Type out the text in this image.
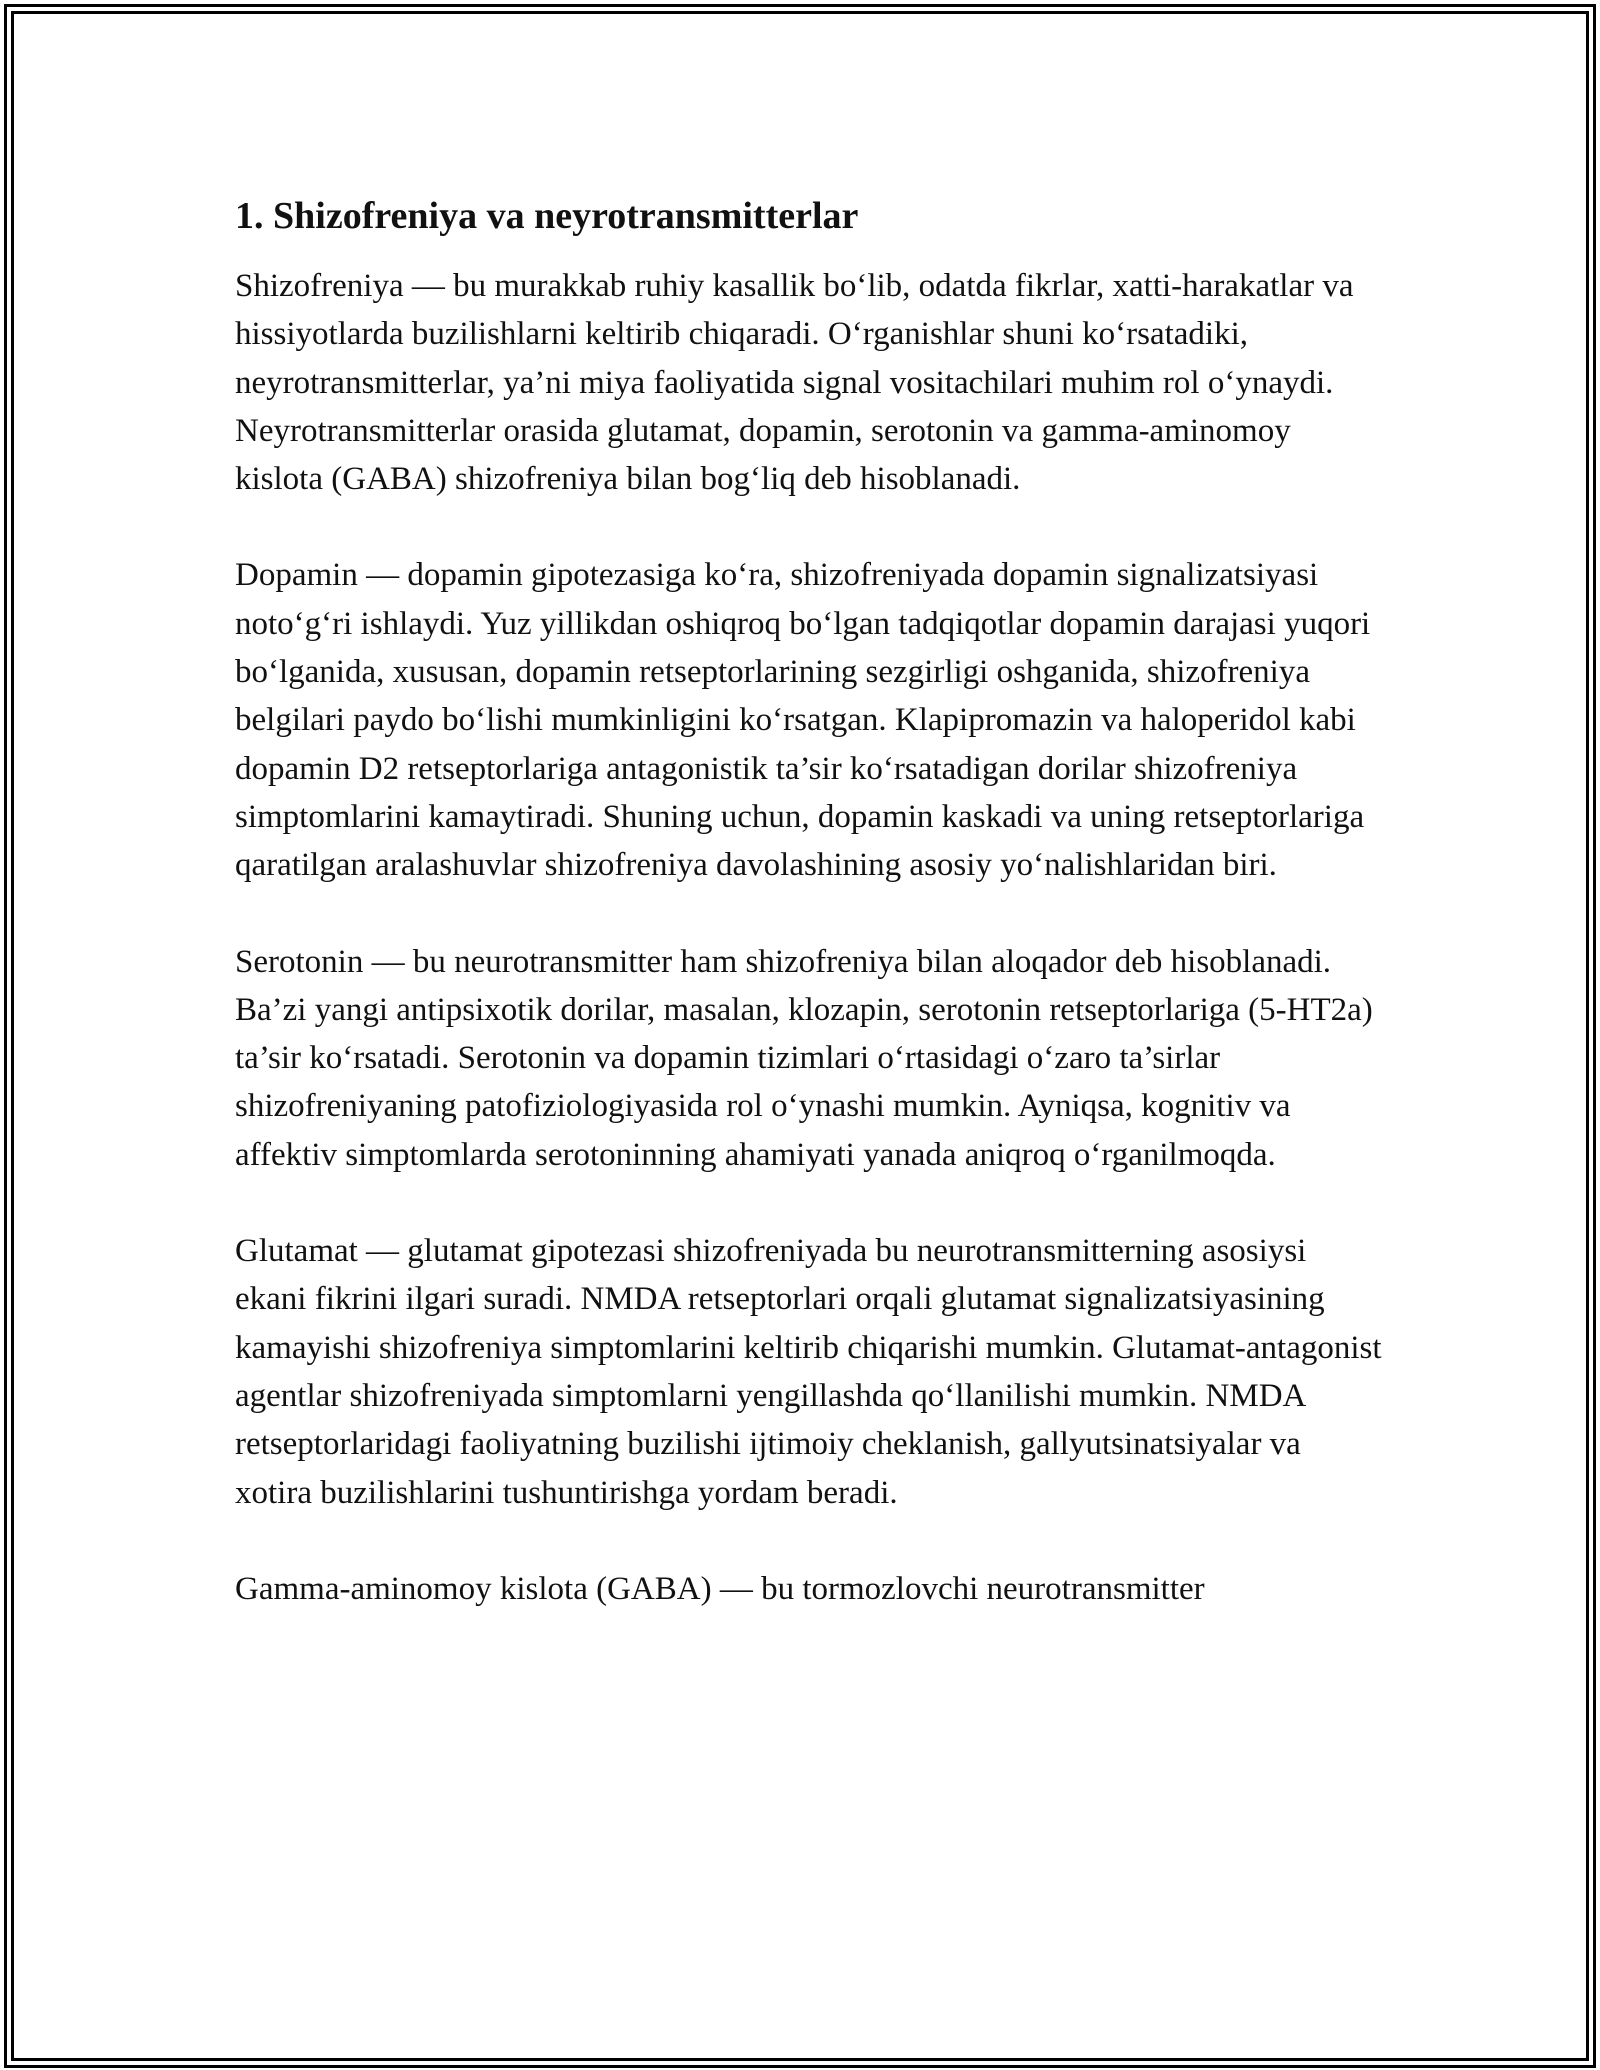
1. Shizofreniya va neyrotransmitterlar

Shizofreniya — bu murakkab ruhiy kasallik bo‘lib, odatda fikrlar, xatti-harakatlar va hissiyotlarda buzilishlarni keltirib chiqaradi. O‘rganishlar shuni ko‘rsatadiki, neyrotransmitterlar, ya’ni miya faoliyatida signal vositachilari muhim rol o‘ynaydi. Neyrotransmitterlar orasida glutamat, dopamin, serotonin va gamma-aminomoy kislota (GABA) shizofreniya bilan bog‘liq deb hisoblanadi.

Dopamin — dopamin gipotezasiga ko‘ra, shizofreniyada dopamin signalizatsiyasi noto‘g‘ri ishlaydi. Yuz yillikdan oshiqroq bo‘lgan tadqiqotlar dopamin darajasi yuqori bo‘lganida, xususan, dopamin retseptorlarining sezgirligi oshganida, shizofreniya belgilari paydo bo‘lishi mumkinligini ko‘rsatgan. Klapipromazin va haloperidol kabi dopamin D2 retseptorlariga antagonistik ta’sir ko‘rsatadigan dorilar shizofreniya simptomlarini kamaytiradi. Shuning uchun, dopamin kaskadi va uning retseptorlariga qaratilgan aralashuvlar shizofreniya davolashining asosiy yo‘nalishlaridan biri.

Serotonin — bu neurotransmitter ham shizofreniya bilan aloqador deb hisoblanadi. Ba’zi yangi antipsixotik dorilar, masalan, klozapin, serotonin retseptorlariga (5-HT2a) ta’sir ko‘rsatadi. Serotonin va dopamin tizimlari o‘rtasidagi o‘zaro ta’sirlar shizofreniyaning patofiziologiyasida rol o‘ynashi mumkin. Ayniqsa, kognitiv va affektiv simptomlarda serotoninning ahamiyati yanada aniqroq o‘rganilmoqda.

Glutamat — glutamat gipotezasi shizofreniyada bu neurotransmitterning asosiysi ekani fikrini ilgari suradi. NMDA retseptorlari orqali glutamat signalizatsiyasining kamayishi shizofreniya simptomlarini keltirib chiqarishi mumkin. Glutamat-antagonist agentlar shizofreniyada simptomlarni yengillashda qo‘llanilishi mumkin. NMDA retseptorlaridagi faoliyatning buzilishi ijtimoiy cheklanish, gallyutsinatsiyalar va xotira buzilishlarini tushuntirishga yordam beradi.

Gamma-aminomoy kislota (GABA) — bu tormozlovchi neurotransmitter
